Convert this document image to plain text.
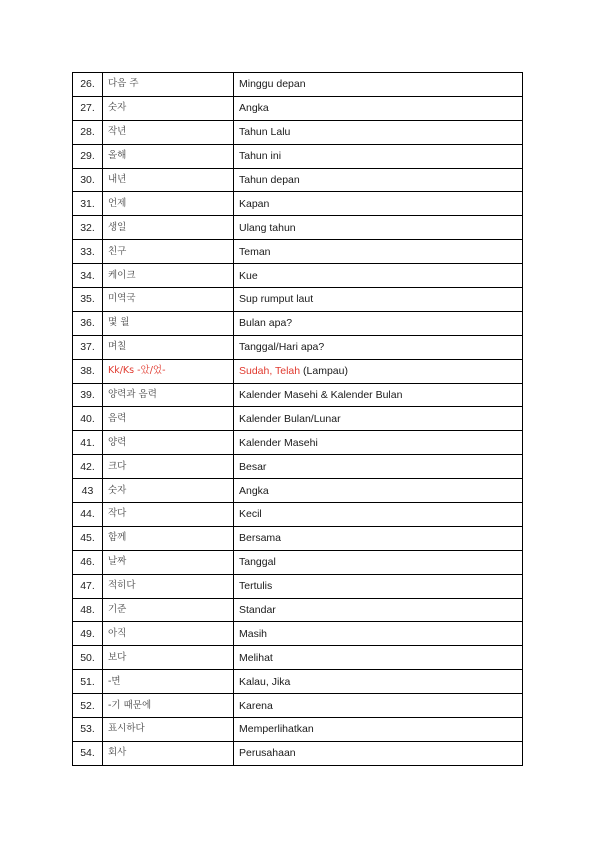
26.	다음 주	Minggu depan
27.	숫자	Angka
28.	작년	Tahun Lalu
29.	올해	Tahun ini
30.	내년	Tahun depan
31.	언제	Kapan
32.	생일	Ulang tahun
33.	친구	Teman
34.	케이크	Kue
35.	미역국	Sup rumput laut
36.	몇 월	Bulan apa?
37.	며칠	Tanggal/Hari apa?
38.	Kk/Ks -았/었-	Sudah, Telah (Lampau)
39.	양력과 음력	Kalender Masehi & Kalender Bulan
40.	음력	Kalender Bulan/Lunar
41.	양력	Kalender Masehi
42.	크다	Besar
43	숫자	Angka
44.	작다	Kecil
45.	함께	Bersama
46.	날짜	Tanggal
47.	적히다	Tertulis
48.	기준	Standar
49.	아직	Masih
50.	보다	Melihat
51.	-면	Kalau, Jika
52.	-기 때문에	Karena
53.	표시하다	Memperlihatkan
54.	회사	Perusahaan
